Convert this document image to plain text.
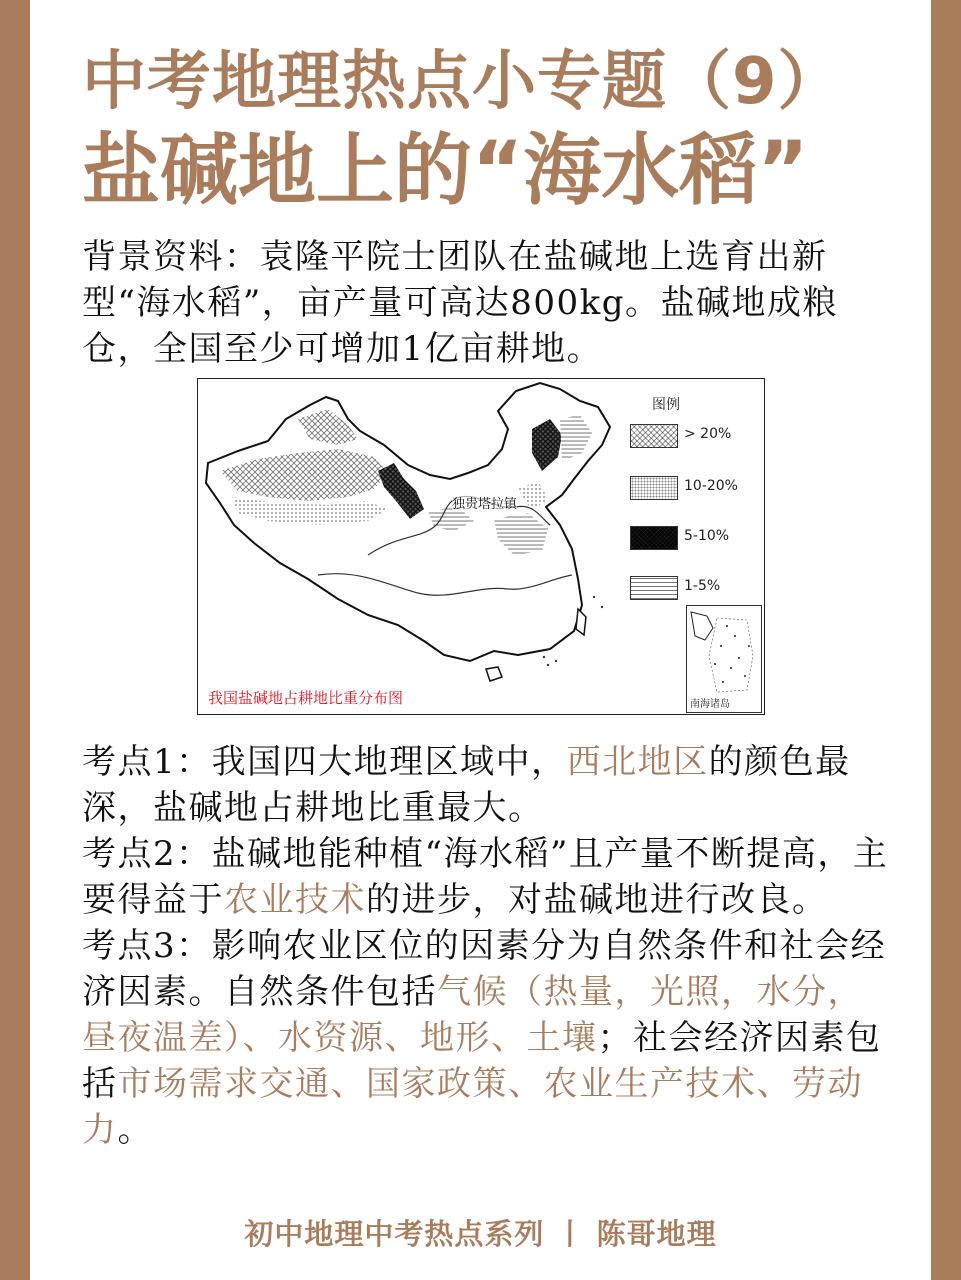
中考地理热点小专题（9）
盐碱地上的“海水稻”
背景资料：袁隆平院士团队在盐碱地上选育出新型“海水稻”，亩产量可高达800kg。盐碱地成粮仓，全国至少可增加1亿亩耕地。
图例
> 20%
10-20%
5-10%
1-5%
独贵塔拉镇
南海诸岛
我国盐碱地占耕地比重分布图
考点1：我国四大地理区域中，西北地区的颜色最深，盐碱地占耕地比重最大。
考点2：盐碱地能种植“海水稻”且产量不断提高，主要得益于农业技术的进步，对盐碱地进行改良。
考点3：影响农业区位的因素分为自然条件和社会经济因素。自然条件包括气候（热量，光照，水分，昼夜温差）、水资源、地形、土壤；社会经济因素包括市场需求交通、国家政策、农业生产技术、劳动力。
初中地理中考热点系列 丨 陈哥地理
